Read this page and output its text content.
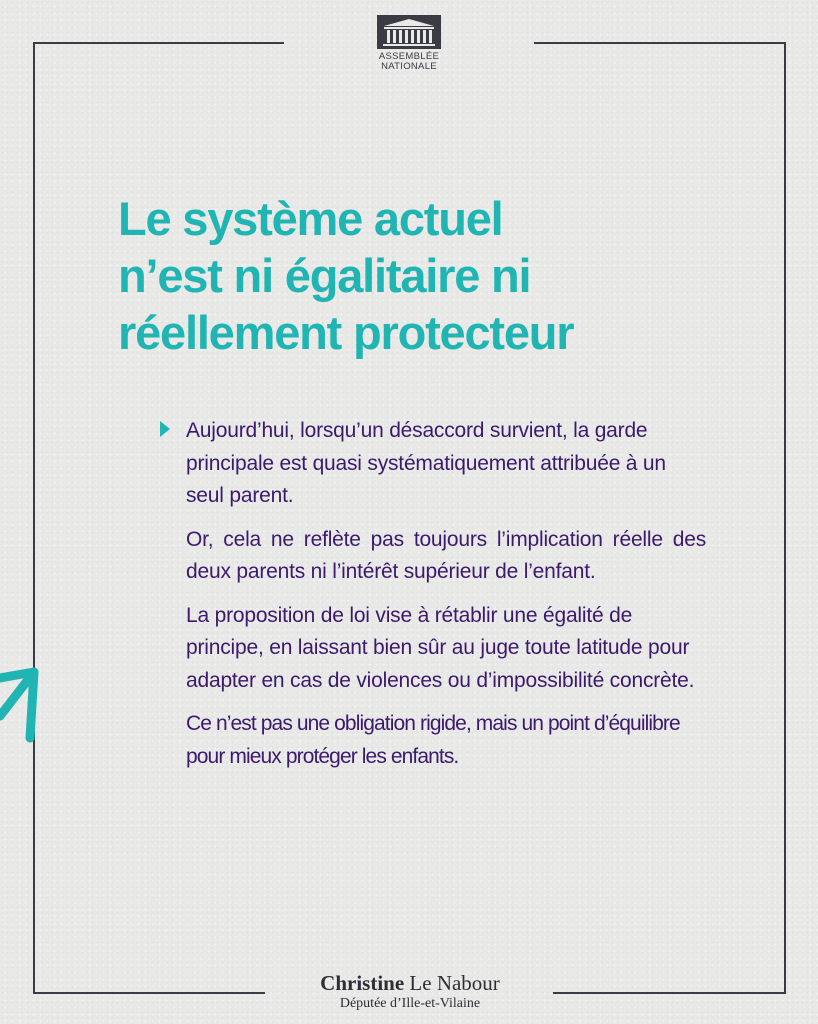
ASSEMBLÉE
NATIONALE
Le système actuel
n’est ni égalitaire ni
réellement protecteur

Aujourd’hui, lorsqu’un désaccord survient, la garde principale est quasi systématiquement attribuée à un seul parent.

Or, cela ne reflète pas toujours l’implication réelle des deux parents ni l’intérêt supérieur de l’enfant.

La proposition de loi vise à rétablir une égalité de principe, en laissant bien sûr au juge toute latitude pour adapter en cas de violences ou d’impossibilité concrète.

Ce n’est pas une obligation rigide, mais un point d’équilibre pour mieux protéger les enfants.

Christine Le Nabour
Députée d’Ille-et-Vilaine
